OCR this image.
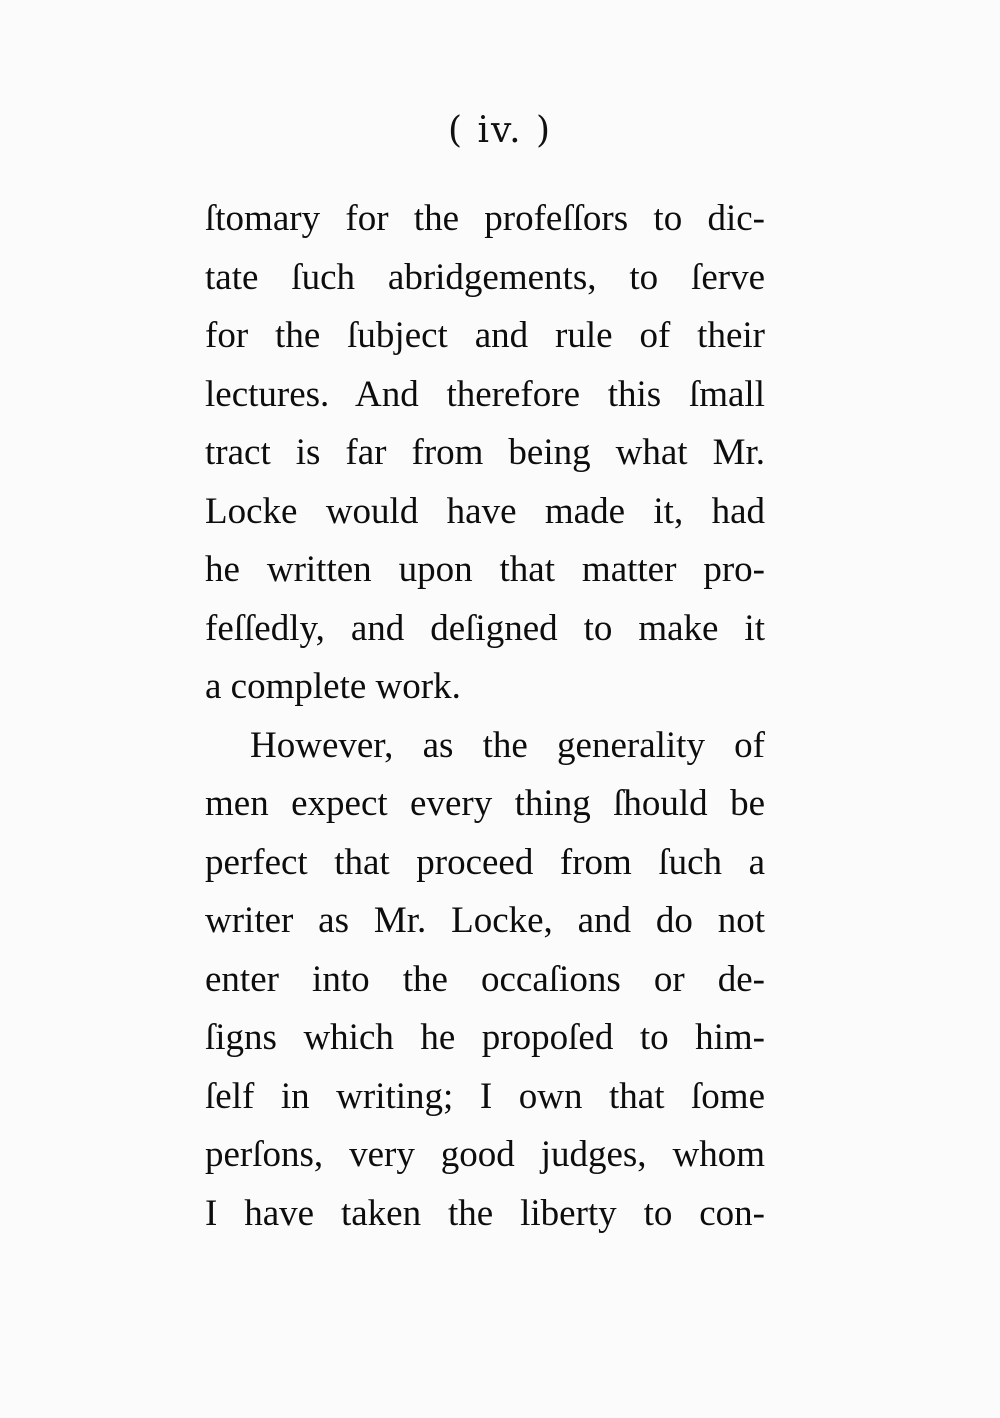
( iv. )
ſtomary for the profeſſors to dic-
tate ſuch abridgements, to ſerve
for the ſubject and rule of their
lectures. And therefore this ſmall
tract is far from being what Mr.
Locke would have made it, had
he written upon that matter pro-
feſſedly, and deſigned to make it
a complete work.
However, as the generality of
men expect every thing ſhould be
perfect that proceed from ſuch a
writer as Mr. Locke, and do not
enter into the occaſions or de-
ſigns which he propoſed to him-
ſelf in writing; I own that ſome
perſons, very good judges, whom
I have taken the liberty to con-
